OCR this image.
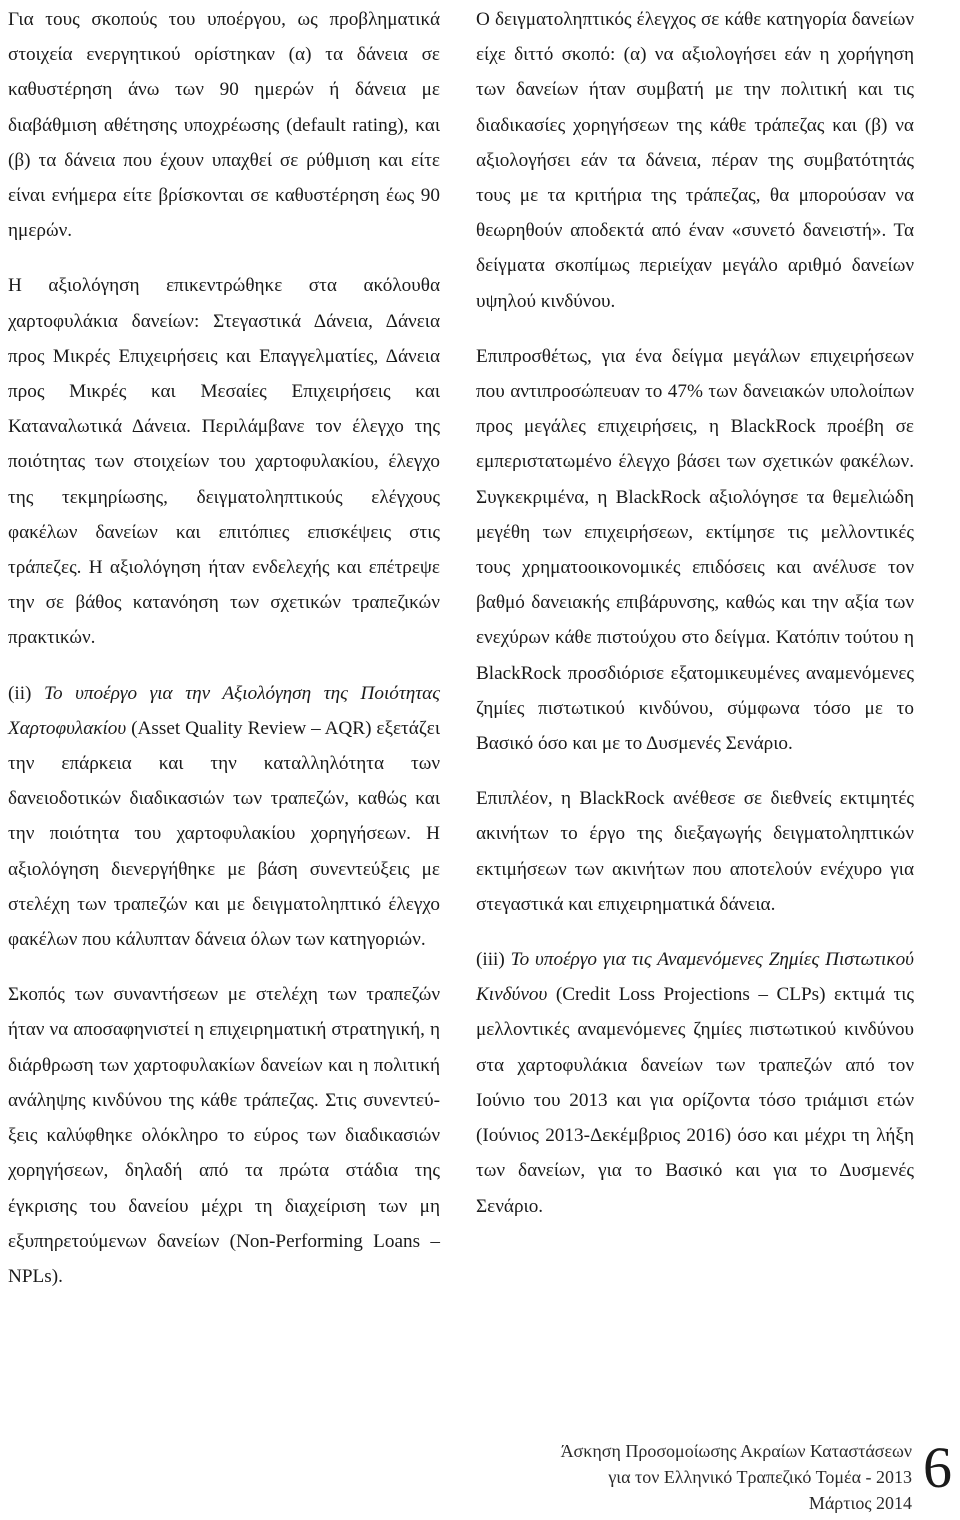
Για τους σκοπούς του υποέργου, ως προβληματικά στοιχεία ενεργητικού ορίστηκαν (α) τα δάνεια σε καθυστέρηση άνω των 90 ημερών ή δάνεια με διαβάθμιση αθέτησης υποχρέωσης (default rating), και (β) τα δάνεια που έχουν υπαχθεί σε ρύθμιση και είτε είναι ενήμερα είτε βρίσκονται σε καθυστέρηση έως 90 ημερών.

Η αξιολόγηση επικεντρώθηκε στα ακόλουθα χαρτοφυλάκια δανείων: Στεγαστικά Δάνεια, Δάνεια προς Μικρές Επιχειρήσεις και Επαγγελματίες, Δάνεια προς Μικρές και Μεσαίες Επιχειρήσεις και Καταναλωτικά Δάνεια. Περιλάμβανε τον έλεγχο της ποιότητας των στοιχείων του χαρτοφυλακίου, έλεγχο της τεκμηρίωσης, δειγματοληπτικούς ελέγχους φακέλων δανείων και επιτόπιες επισκέψεις στις τράπεζες. Η αξιολόγηση ήταν ενδελεχής και επέτρεψε την σε βάθος κατανόηση των σχετικών τραπεζικών πρακτικών.

(ii) Το υποέργο για την Αξιολόγηση της Ποιότητας Χαρτοφυλακίου (Asset Quality Review – AQR) εξετάζει την επάρκεια και την καταλληλότητα των δανειοδοτικών διαδικασιών των τραπεζών, καθώς και την ποιότητα του χαρτοφυλακίου χορηγήσεων. Η αξιολόγηση διενεργήθηκε με βάση συνεντεύξεις με στελέχη των τραπεζών και με δειγματοληπτικό έλεγχο φακέλων που κάλυπταν δάνεια όλων των κατηγοριών.

Σκοπός των συναντήσεων με στελέχη των τραπεζών ήταν να αποσαφηνιστεί η επιχειρηματική στρατηγική, η διάρθρωση των χαρτοφυλακίων δανείων και η πολιτική ανάληψης κινδύνου της κάθε τράπεζας. Στις συνεντεύξεις καλύφθηκε ολόκληρο το εύρος των διαδικασιών χορηγήσεων, δηλαδή από τα πρώτα στάδια της έγκρισης του δανείου μέχρι τη διαχείριση των μη εξυπηρετούμενων δανείων (Non-Performing Loans – NPLs).

Ο δειγματοληπτικός έλεγχος σε κάθε κατηγορία δανείων είχε διττό σκοπό: (α) να αξιολογήσει εάν η χορήγηση των δανείων ήταν συμβατή με την πολιτική και τις διαδικασίες χορηγήσεων της κάθε τράπεζας και (β) να αξιολογήσει εάν τα δάνεια, πέραν της συμβατότητάς τους με τα κριτήρια της τράπεζας, θα μπορούσαν να θεωρηθούν αποδεκτά από έναν «συνετό δανειστή». Τα δείγματα σκοπίμως περιείχαν μεγάλο αριθμό δανείων υψηλού κινδύνου.

Επιπροσθέτως, για ένα δείγμα μεγάλων επιχειρήσεων που αντιπροσώπευαν το 47% των δανειακών υπολοίπων προς μεγάλες επιχειρήσεις, η BlackRock προέβη σε εμπεριστατωμένο έλεγχο βάσει των σχετικών φακέλων. Συγκεκριμένα, η BlackRock αξιολόγησε τα θεμελιώδη μεγέθη των επιχειρήσεων, εκτίμησε τις μελλοντικές τους χρηματοοικονομικές επιδόσεις και ανέλυσε τον βαθμό δανειακής επιβάρυνσης, καθώς και την αξία των ενεχύρων κάθε πιστούχου στο δείγμα. Κατόπιν τούτου η BlackRock προσδιόρισε εξατομικευμένες αναμενόμενες ζημίες πιστωτικού κινδύνου, σύμφωνα τόσο με το Βασικό όσο και με το Δυσμενές Σενάριο.

Επιπλέον, η BlackRock ανέθεσε σε διεθνείς εκτιμητές ακινήτων το έργο της διεξαγωγής δειγματοληπτικών εκτιμήσεων των ακινήτων που αποτελούν ενέχυρο για στεγαστικά και επιχειρηματικά δάνεια.

(iii) Το υποέργο για τις Αναμενόμενες Ζημίες Πιστωτικού Κινδύνου (Credit Loss Projections – CLPs) εκτιμά τις μελλοντικές αναμενόμενες ζημίες πιστωτικού κινδύνου στα χαρτοφυλάκια δανείων των τραπεζών από τον Ιούνιο του 2013 και για ορίζοντα τόσο τριάμισι ετών (Ιούνιος 2013-Δεκέμβριος 2016) όσο και μέχρι τη λήξη των δανείων, για το Βασικό και για το Δυσμενές Σενάριο.

Άσκηση Προσομοίωσης Ακραίων Καταστάσεων
για τον Ελληνικό Τραπεζικό Τομέα - 2013
Μάρτιος 2014
6
